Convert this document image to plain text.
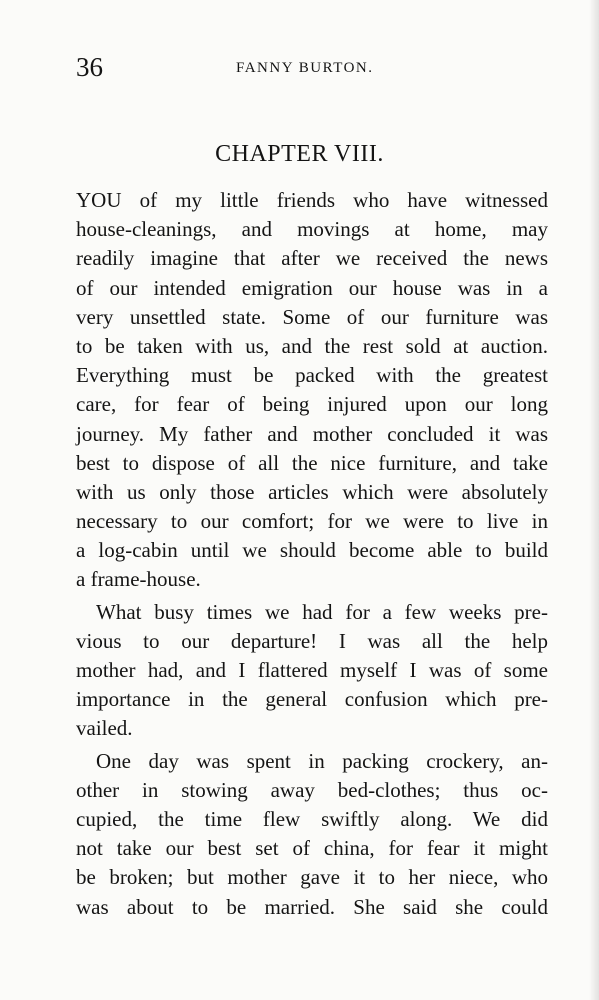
36	FANNY BURTON.
CHAPTER VIII.
YOU of my little friends who have witnessed
house-cleanings, and movings at home, may
readily imagine that after we received the news
of our intended emigration our house was in a
very unsettled state. Some of our furniture was
to be taken with us, and the rest sold at auction.
Everything must be packed with the greatest
care, for fear of being injured upon our long
journey. My father and mother concluded it was
best to dispose of all the nice furniture, and take
with us only those articles which were absolutely
necessary to our comfort; for we were to live in
a log-cabin until we should become able to build
a frame-house.
What busy times we had for a few weeks pre-
vious to our departure! I was all the help
mother had, and I flattered myself I was of some
importance in the general confusion which pre-
vailed.
One day was spent in packing crockery, an-
other in stowing away bed-clothes; thus oc-
cupied, the time flew swiftly along. We did
not take our best set of china, for fear it might
be broken; but mother gave it to her niece, who
was about to be married. She said she could
